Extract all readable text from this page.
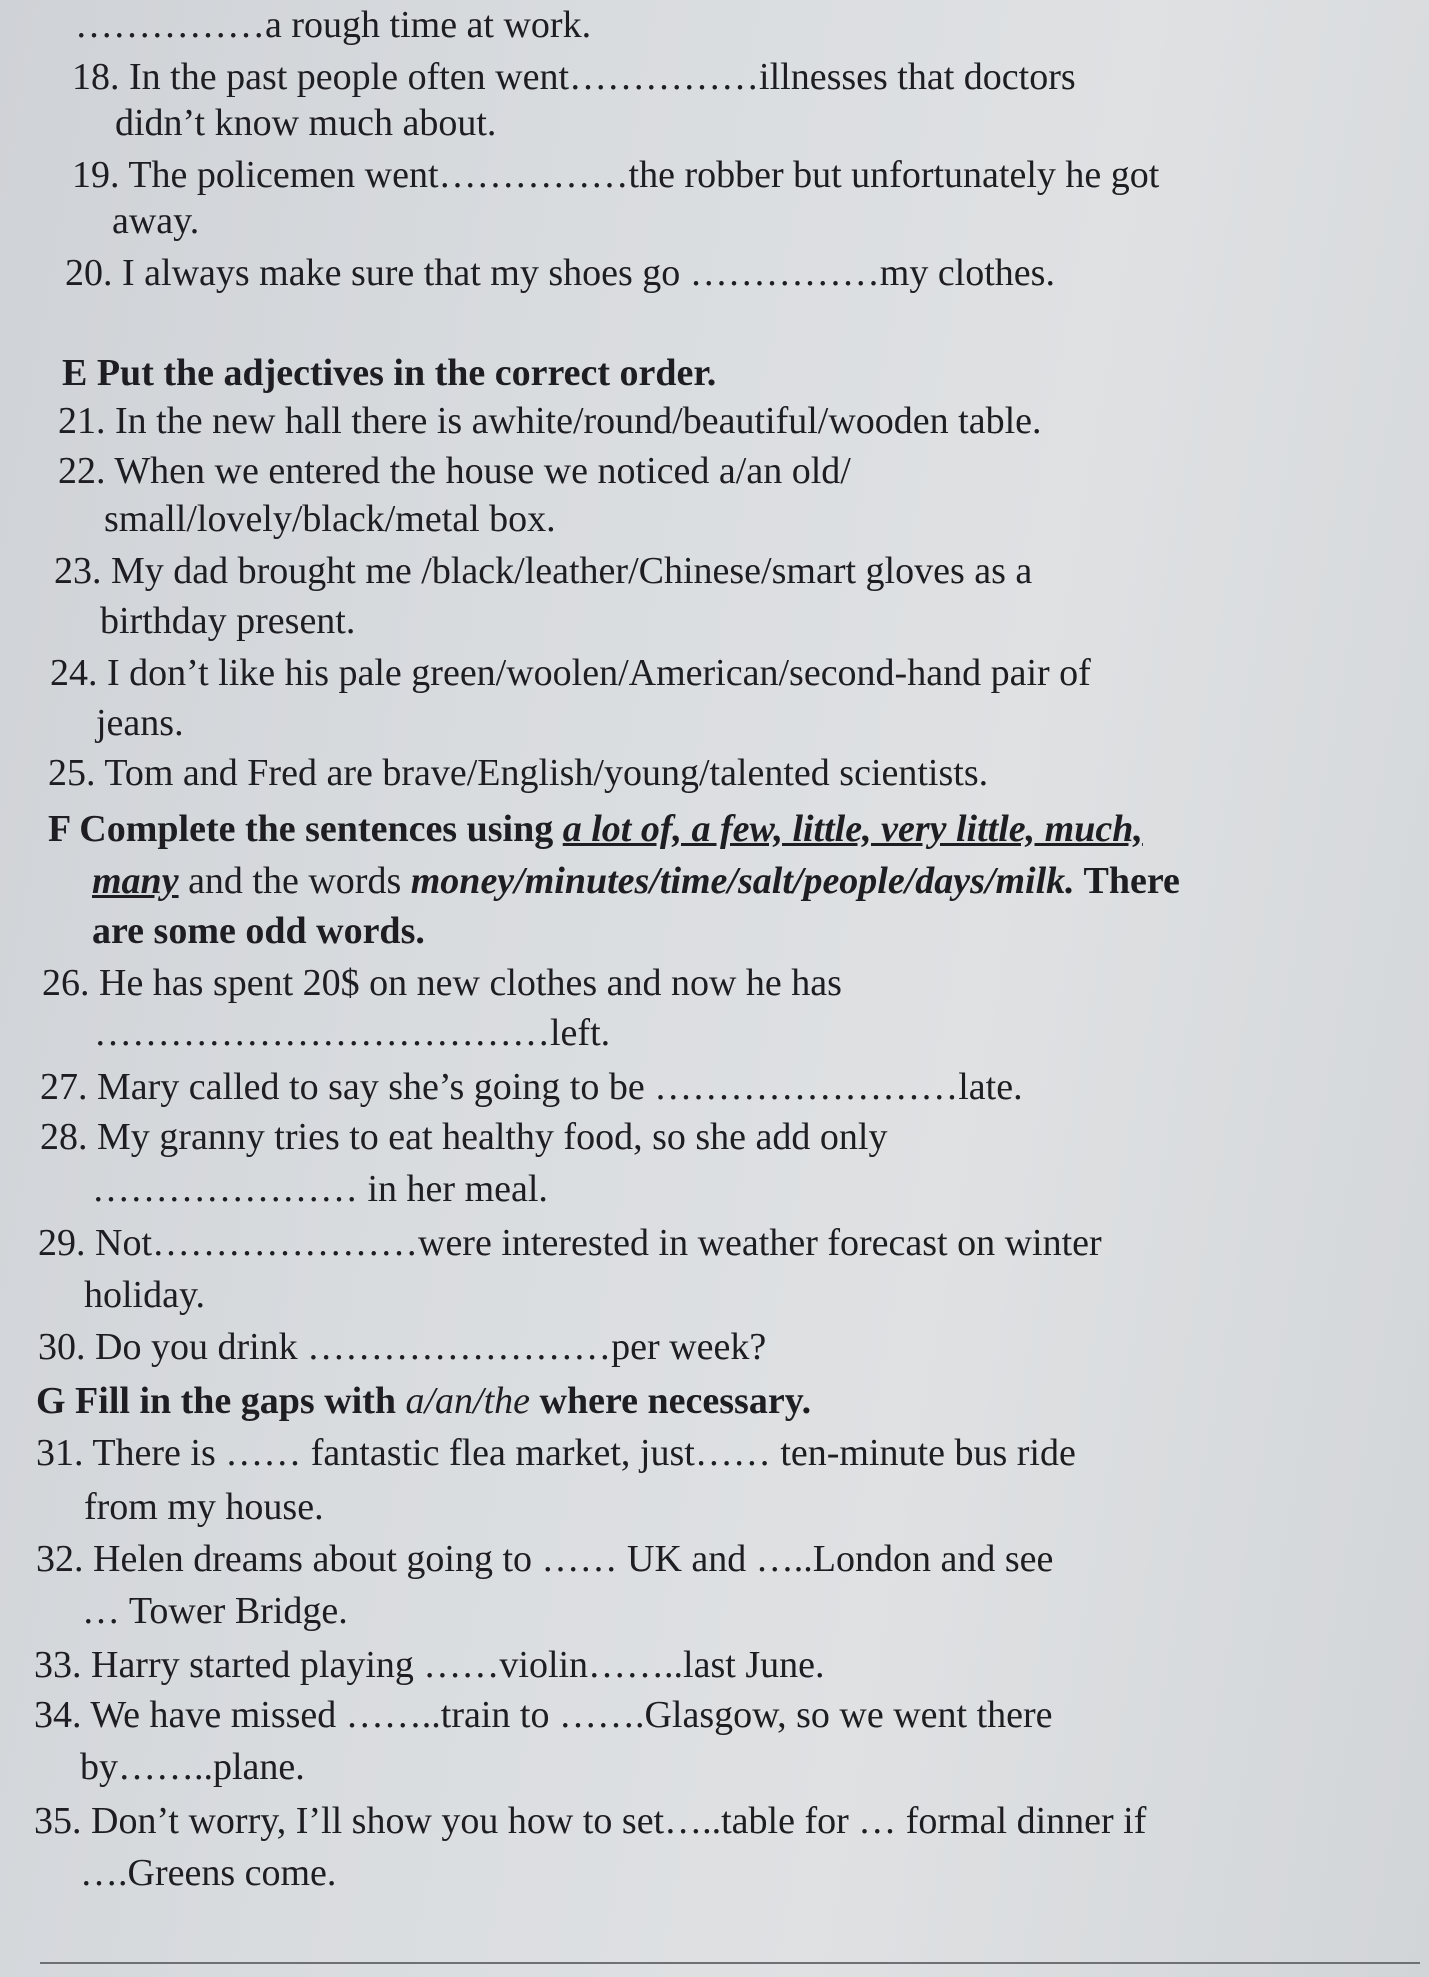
……………a rough time at work.
18. In the past people often went……………illnesses that doctors
didn’t know much about.
19. The policemen went……………the robber but unfortunately he got
away.
20. I always make sure that my shoes go ……………my clothes.
E Put the adjectives in the correct order.
21. In the new hall there is awhite/round/beautiful/wooden table.
22. When we entered the house we noticed a/an old/
small/lovely/black/metal box.
23. My dad brought me /black/leather/Chinese/smart gloves as a
birthday present.
24. I don’t like his pale green/woolen/American/second-hand pair of
jeans.
25. Tom and Fred are brave/English/young/talented scientists.
F Complete the sentences using a lot of, a few, little, very little, much,
many and the words money/minutes/time/salt/people/days/milk. There
are some odd words.
26. He has spent 20$ on new clothes and now he has
………………………………left.
27. Mary called to say she’s going to be ……………………late.
28. My granny tries to eat healthy food, so she add only
………………… in her meal.
29. Not…………………were interested in weather forecast on winter
holiday.
30. Do you drink ……………………per week?
G Fill in the gaps with a/an/the where necessary.
31. There is …… fantastic flea market, just…… ten-minute bus ride
from my house.
32. Helen dreams about going to …… UK and …..London and see
… Tower Bridge.
33. Harry started playing ……violin……..last June.
34. We have missed ……..train to …….Glasgow, so we went there
by……..plane.
35. Don’t worry, I’ll show you how to set…..table for … formal dinner if
….Greens come.
